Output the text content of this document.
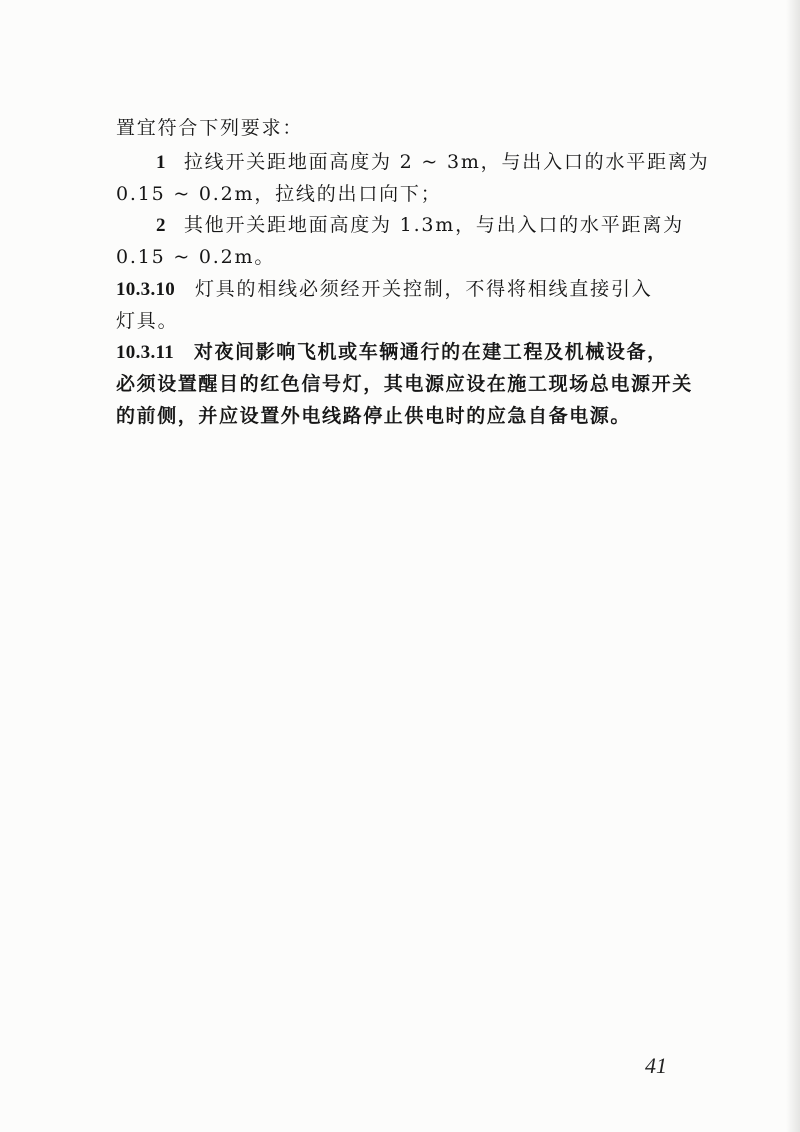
置宜符合下列要求：
1 拉线开关距地面高度为 2 ~ 3m，与出入口的水平距离为
0.15 ~ 0.2m，拉线的出口向下；
2 其他开关距地面高度为 1.3m，与出入口的水平距离为
0.15 ~ 0.2m。
10.3.10 灯具的相线必须经开关控制，不得将相线直接引入
灯具。
10.3.11 对夜间影响飞机或车辆通行的在建工程及机械设备，
必须设置醒目的红色信号灯，其电源应设在施工现场总电源开关
的前侧，并应设置外电线路停止供电时的应急自备电源。
41
